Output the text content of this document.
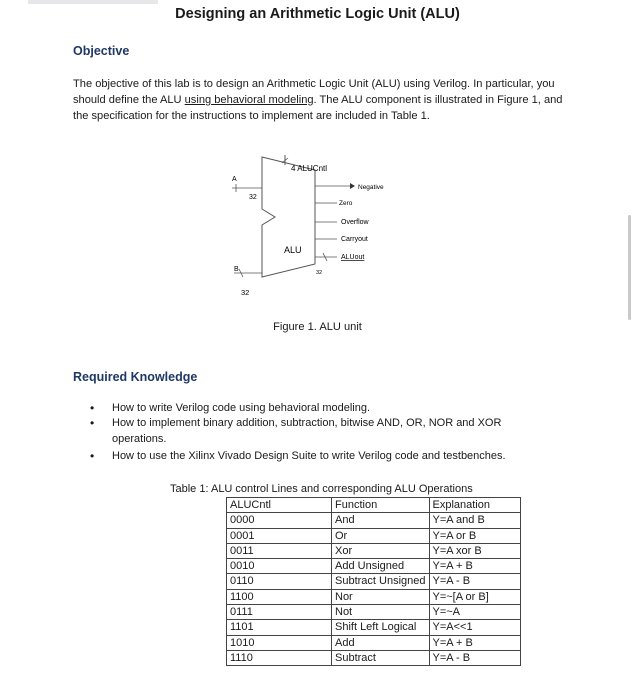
Designing an Arithmetic Logic Unit (ALU)
Objective
The objective of this lab is to design an Arithmetic Logic Unit (ALU) using Verilog. In particular, you should define the ALU using behavioral modeling. The ALU component is illustrated in Figure 1, and the specification for the instructions to implement are included in Table 1.
4 ALUCntl
A
32
B
32
ALU
Negative
Zero
Overflow
Carryout
ALUout
32
Figure 1. ALU unit
Required Knowledge
• How to write Verilog code using behavioral modeling.
• How to implement binary addition, subtraction, bitwise AND, OR, NOR and XOR operations.
• How to use the Xilinx Vivado Design Suite to write Verilog code and testbenches.
Table 1: ALU control Lines and corresponding ALU Operations
ALUCntl	Function	Explanation
0000	And	Y=A and B
0001	Or	Y=A or B
0011	Xor	Y=A xor B
0010	Add Unsigned	Y=A + B
0110	Subtract Unsigned	Y=A - B
1100	Nor	Y=~[A or B]
0111	Not	Y=~A
1101	Shift Left Logical	Y=A<<1
1010	Add	Y=A + B
1110	Subtract	Y=A - B
